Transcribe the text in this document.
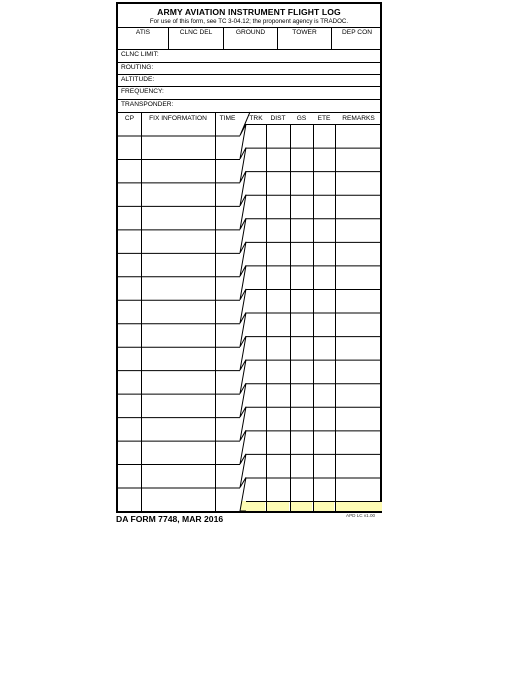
ARMY AVIATION INSTRUMENT FLIGHT LOG
For use of this form, see TC 3-04.12; the proponent agency is TRADOC.
ATIS	CLNC DEL	GROUND	TOWER	DEP CON
CLNC LIMIT:
ROUTING:
ALTITUDE:
FREQUENCY:
TRANSPONDER:
CP	FIX INFORMATION	TIME	TRK	DIST	GS	ETE	REMARKS
DA FORM 7748, MAR 2016	APD LC v1.00
